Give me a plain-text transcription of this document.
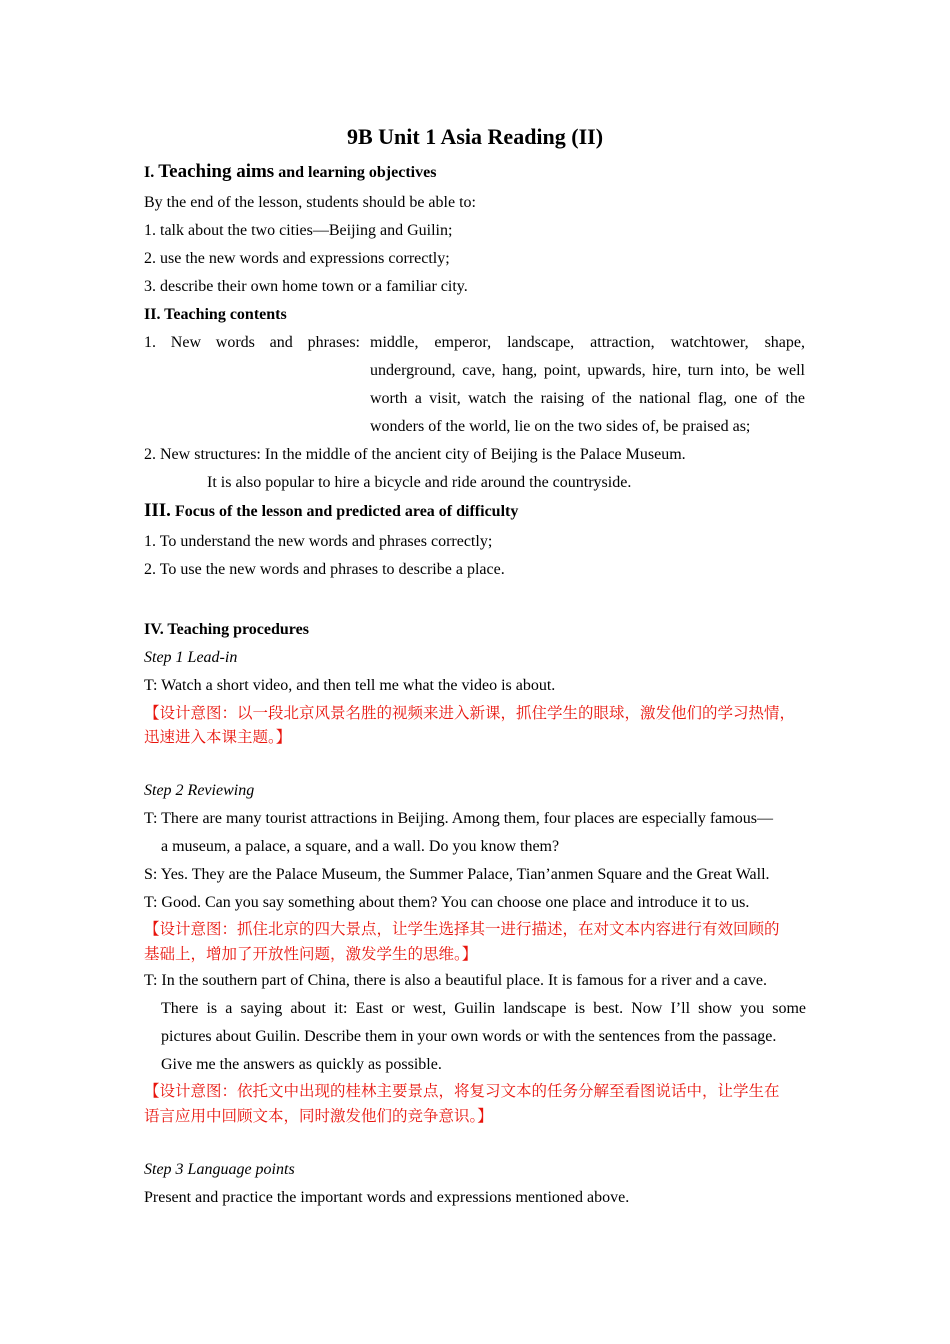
9B Unit 1 Asia Reading (II)
I. Teaching aims and learning objectives
By the end of the lesson, students should be able to:
1. talk about the two cities—Beijing and Guilin;
2. use the new words and expressions correctly;
3. describe their own home town or a familiar city.
II. Teaching contents
1. New words and phrases: middle, emperor, landscape, attraction, watchtower, shape,
underground, cave, hang, point, upwards, hire, turn into, be well
worth a visit, watch the raising of the national flag, one of the
wonders of the world, lie on the two sides of, be praised as;
2. New structures: In the middle of the ancient city of Beijing is the Palace Museum.
It is also popular to hire a bicycle and ride around the countryside.
III. Focus of the lesson and predicted area of difficulty
1. To understand the new words and phrases correctly;
2. To use the new words and phrases to describe a place.
IV. Teaching procedures
Step 1 Lead-in
T: Watch a short video, and then tell me what the video is about.
【设计意图：以一段北京风景名胜的视频来进入新课，抓住学生的眼球，激发他们的学习热情，
迅速进入本课主题。】
Step 2 Reviewing
T: There are many tourist attractions in Beijing. Among them, four places are especially famous—
a museum, a palace, a square, and a wall. Do you know them?
S: Yes. They are the Palace Museum, the Summer Palace, Tian’anmen Square and the Great Wall.
T: Good. Can you say something about them? You can choose one place and introduce it to us.
【设计意图：抓住北京的四大景点，让学生选择其一进行描述，在对文本内容进行有效回顾的
基础上，增加了开放性问题，激发学生的思维。】
T: In the southern part of China, there is also a beautiful place. It is famous for a river and a cave.
There is a saying about it: East or west, Guilin landscape is best. Now I’ll show you some
pictures about Guilin. Describe them in your own words or with the sentences from the passage.
Give me the answers as quickly as possible.
【设计意图：依托文中出现的桂林主要景点，将复习文本的任务分解至看图说话中，让学生在
语言应用中回顾文本，同时激发他们的竞争意识。】
Step 3 Language points
Present and practice the important words and expressions mentioned above.
